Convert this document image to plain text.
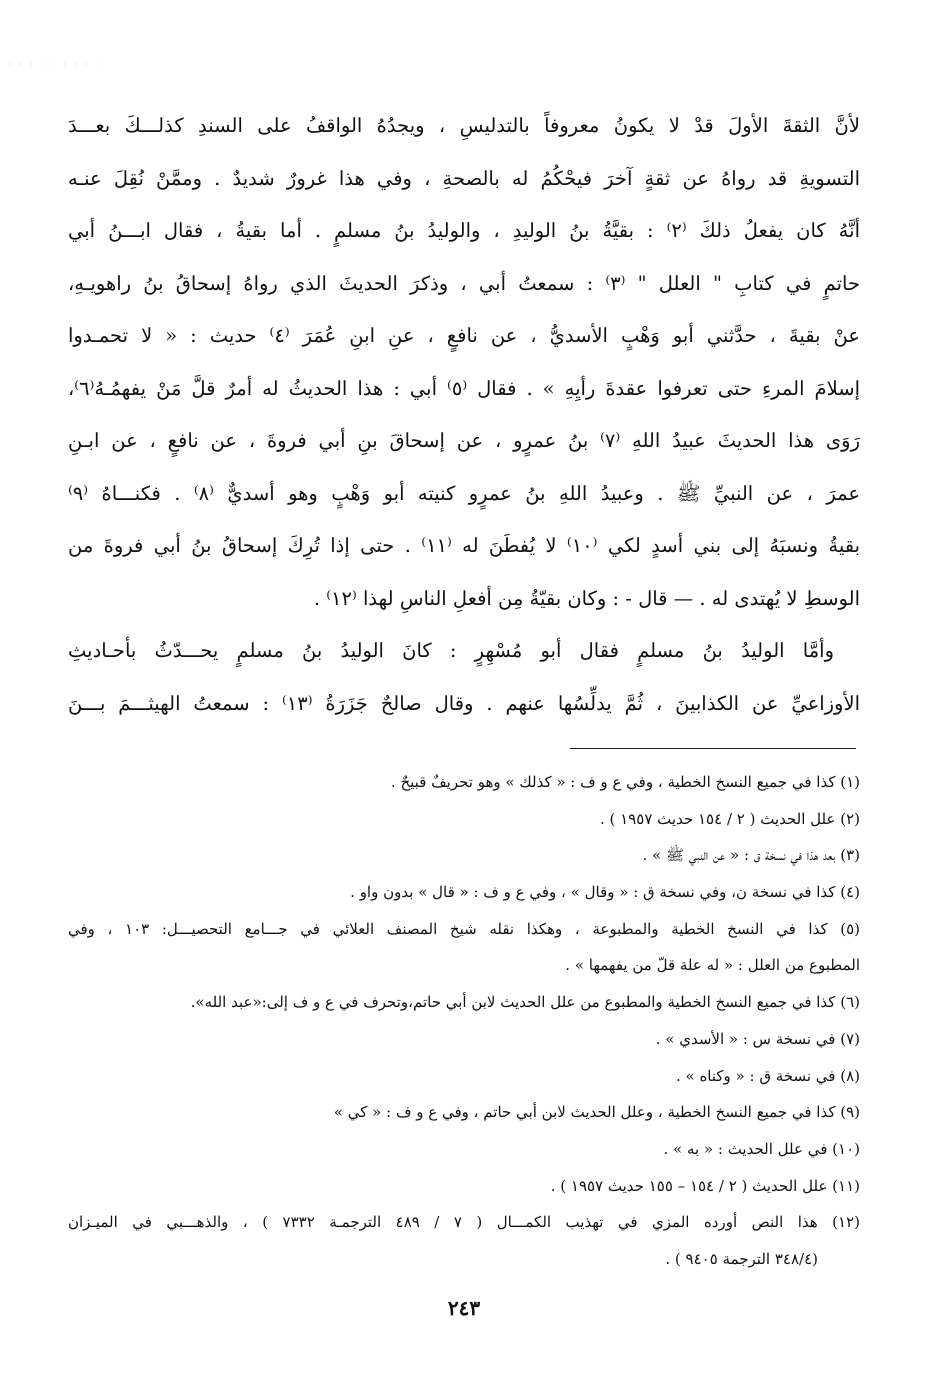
· · · · · · · · ·
لأنَّ الثقةَ الأولَ قدْ لا يكونُ معروفاً بالتدليسِ ، ويجدُهُ الواقفُ على السندِ كذلـــكَ بعـــدَ
التسويةِ قد رواهُ عن ثقةٍ آخرَ فيحْكُمُ له بالصحةِ ، وفي هذا غرورٌ شديدٌ . وممَّنْ نُقِلَ عنـه
أنَّهُ كان يفعلُ ذلكَ ⁽٢⁾ : بقيَّةُ بنُ الوليدِ ، والوليدُ بنُ مسلمٍ . أما بقيةُ ، فقال ابـــنُ أبي
حاتمٍ في كتابِ " العلل " ⁽٣⁾ : سمعتُ أبي ، وذكرَ الحديثَ الذي رواهُ إسحاقُ بنُ راهويـهِ،
عنْ بقيةَ ، حدَّثني أبو وَهْبٍ الأسديُّ ، عن نافعٍ ، عنِ ابنِ عُمَرَ ⁽٤⁾ حديث : « لا تحمـدوا
إسلامَ المرءِ حتى تعرفوا عقدةَ رأيِهِ » . فقال ⁽٥⁾ أبي : هذا الحديثُ له أمرٌ قلَّ مَنْ يفهمُـهُ⁽٦⁾،
رَوَى هذا الحديثَ عبيدُ اللهِ ⁽٧⁾ بنُ عمرٍو ، عن إسحاقَ بنِ أبي فروةَ ، عن نافعٍ ، عن ابـنِ
عمرَ ، عن النبيِّ ﷺ . وعبيدُ اللهِ بنُ عمرٍو كنيته أبو وَهْبٍ وهو أسديٌّ ⁽٨⁾ . فكنـــاهُ ⁽٩⁾
بقيةُ ونسبَهُ إلى بني أسدٍ لكي ⁽١٠⁾ لا يُفطَنَ له ⁽١١⁾ . حتى إذا تُرِكَ إسحاقُ بنُ أبي فروةَ من
الوسطِ لا يُهتدى له . — قال - : وكان بقيّةُ مِن أفعلِ الناسِ لهذا ⁽١٢⁾ .
وأمَّا الوليدُ بنُ مسلمٍ فقال أبو مُسْهِرٍ : كانَ الوليدُ بنُ مسلمٍ يحـــدّثُ بأحـاديثِ
الأوزاعيِّ عن الكذابينَ ، ثُمَّ يدلِّسُها عنهم . وقال صالحٌ جَزَرَةُ ⁽١٣⁾ : سمعتُ الهيثـــمَ بـــنَ
(١) كذا في جميع النسخ الخطية ، وفي ع و ف : « كذلك » وهو تحريفٌ قبيحٌ .
(٢) علل الحديث ( ٢ / ١٥٤ حديث ١٩٥٧ ) .
(٣) بعد هذا في نسخة ق : « عن النبي ﷺ » .
(٤) كذا في نسخة ن، وفي نسخة ق : « وقال » ، وفي ع و ف : « قال » بدون واو .
(٥) كذا في النسخ الخطية والمطبوعة ، وهكذا نقله شيخ المصنف العلائي في جـــامع التحصيـــل: ١٠٣ ، وفي
المطبوع من العلل : « له علة قلّ من يفهمها » .
(٦) كذا في جميع النسخ الخطية والمطبوع من علل الحديث لابن أبي حاتم،وتحرف في ع و ف إلى:«عبد الله».
(٧) في نسخة س : « الأسدي » .
(٨) في نسخة ق : « وكناه » .
(٩) كذا في جميع النسخ الخطية ، وعلل الحديث لابن أبي حاتم ، وفي ع و ف : « كي »
(١٠) في علل الحديث : « به » .
(١١) علل الحديث ( ٢ / ١٥٤ – ١٥٥ حديث ١٩٥٧ ) .
(١٢) هذا النص أورده المزي في تهذيب الكمـــال ( ٧ / ٤٨٩ الترجمـة ٧٣٣٢ ) ، والذهـــبي في الميـزان
(٣٤٨/٤ الترجمة ٩٤٠٥ ) .
٢٤٣
